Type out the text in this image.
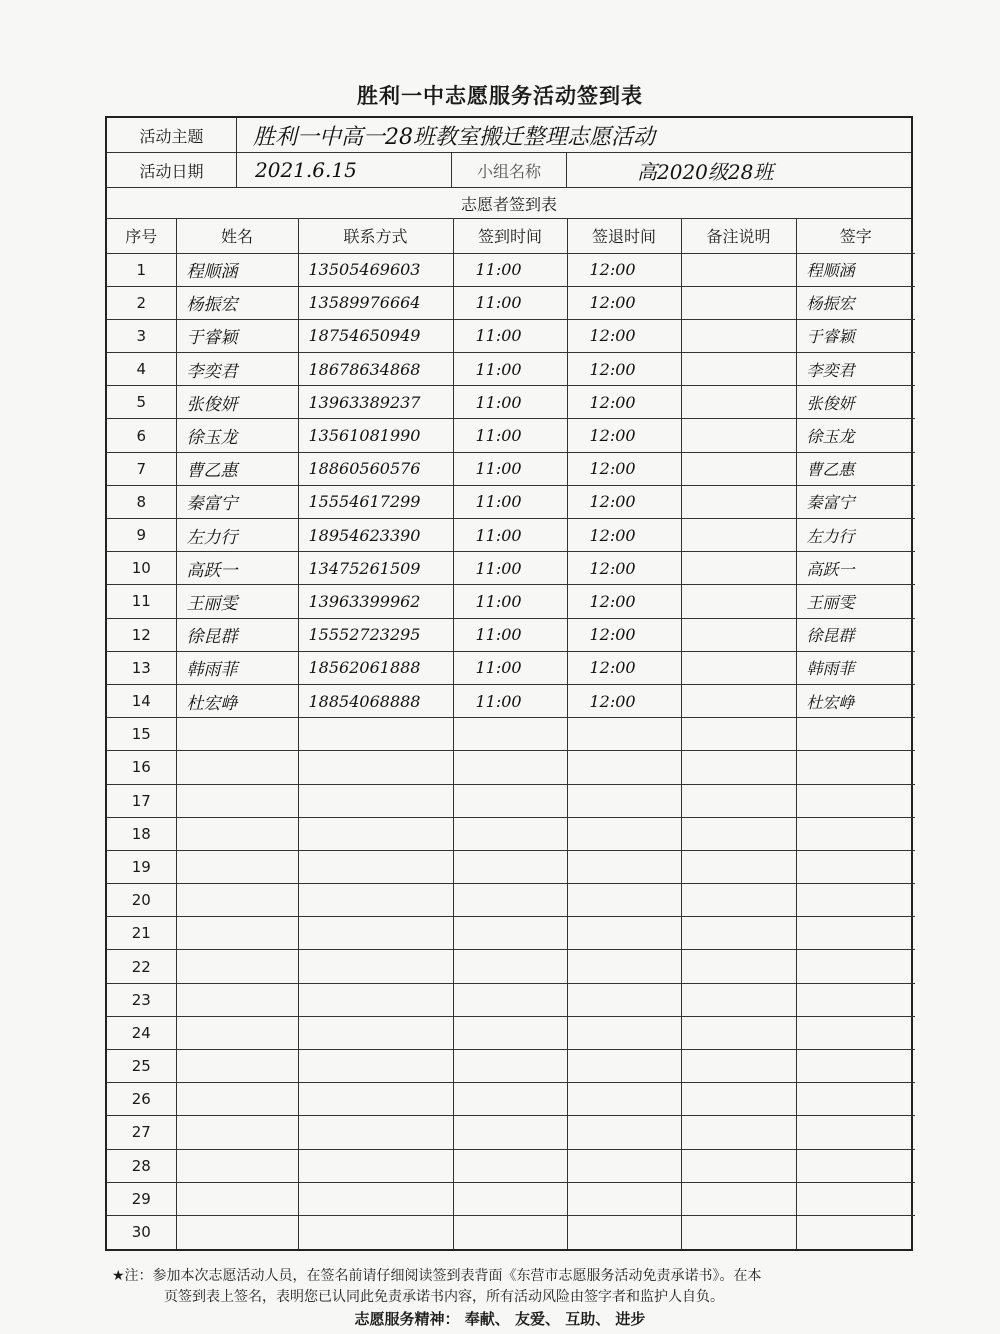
胜利一中志愿服务活动签到表
活动主题	胜利一中高一28班教室搬迁整理志愿活动
活动日期	2021.6.15	小组名称	高2020级28班
志愿者签到表
序号	姓名	联系方式	签到时间	签退时间	备注说明	签字
1	程顺涵	13505469603	11:00	12:00		程顺涵
2	杨振宏	13589976664	11:00	12:00		杨振宏
3	于睿颖	18754650949	11:00	12:00		于睿颖
4	李奕君	18678634868	11:00	12:00		李奕君
5	张俊妍	13963389237	11:00	12:00		张俊妍
6	徐玉龙	13561081990	11:00	12:00		徐玉龙
7	曹乙惠	18860560576	11:00	12:00		曹乙惠
8	秦富宁	15554617299	11:00	12:00		秦富宁
9	左力行	18954623390	11:00	12:00		左力行
10	高跃一	13475261509	11:00	12:00		高跃一
11	王丽雯	13963399962	11:00	12:00		王丽雯
12	徐昆群	15552723295	11:00	12:00		徐昆群
13	韩雨菲	18562061888	11:00	12:00		韩雨菲
14	杜宏峥	18854068888	11:00	12:00		杜宏峥
15						
16						
17						
18						
19						
20						
21						
22						
23						
24						
25						
26						
27						
28						
29						
30						
★注：参加本次志愿活动人员，在签名前请仔细阅读签到表背面《东营市志愿服务活动免责承诺书》。在本
页签到表上签名，表明您已认同此免责承诺书内容，所有活动风险由签字者和监护人自负。
志愿服务精神： 奉献、 友爱、 互助、 进步
